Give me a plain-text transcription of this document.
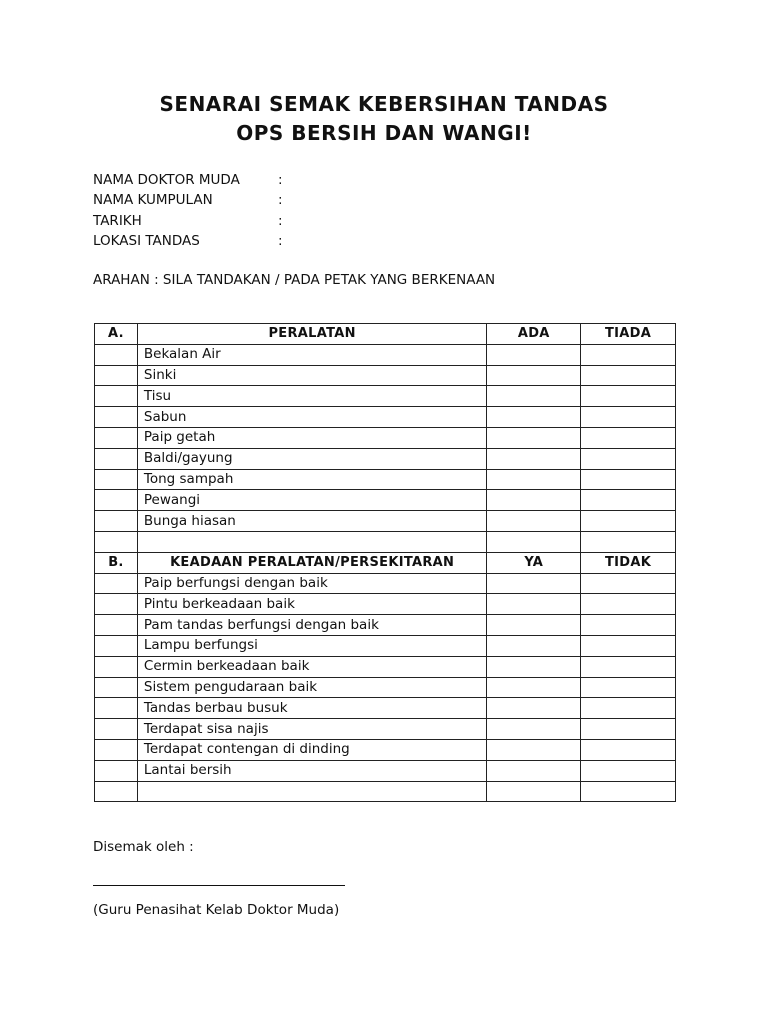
SENARAI SEMAK KEBERSIHAN TANDAS
OPS BERSIH DAN WANGI!
NAMA DOKTOR MUDA	:
NAMA KUMPULAN	:
TARIKH	:
LOKASI TANDAS	:
ARAHAN : SILA TANDAKAN / PADA PETAK YANG BERKENAAN
A.	PERALATAN	ADA	TIADA
	Bekalan Air		
	Sinki		
	Tisu		
	Sabun		
	Paip getah		
	Baldi/gayung		
	Tong sampah		
	Pewangi		
	Bunga hiasan		

B.	KEADAAN PERALATAN/PERSEKITARAN	YA	TIDAK
	Paip berfungsi dengan baik		
	Pintu berkeadaan baik		
	Pam tandas berfungsi dengan baik		
	Lampu berfungsi		
	Cermin berkeadaan baik		
	Sistem pengudaraan baik		
	Tandas berbau busuk		
	Terdapat sisa najis		
	Terdapat contengan di dinding		
	Lantai bersih		

Disemak oleh :
(Guru Penasihat Kelab Doktor Muda)
